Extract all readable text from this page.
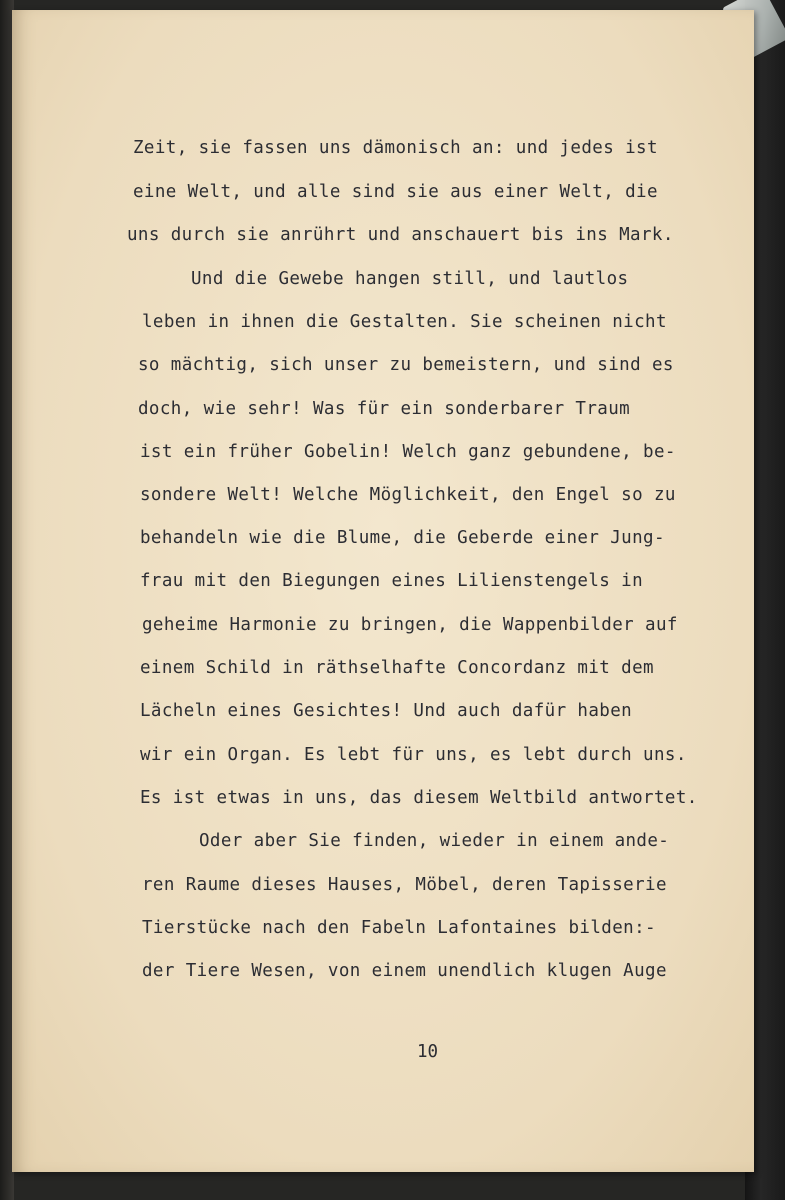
Zeit, sie fassen uns dämonisch an: und jedes ist
eine Welt, und alle sind sie aus einer Welt, die
uns durch sie anrührt und anschauert bis ins Mark.
Und die Gewebe hangen still, und lautlos
leben in ihnen die Gestalten. Sie scheinen nicht
so mächtig, sich unser zu bemeistern, und sind es
doch, wie sehr! Was für ein sonderbarer Traum
ist ein früher Gobelin! Welch ganz gebundene, be-
sondere Welt! Welche Möglichkeit, den Engel so zu
behandeln wie die Blume, die Geberde einer Jung-
frau mit den Biegungen eines Lilienstengels in
geheime Harmonie zu bringen, die Wappenbilder auf
einem Schild in räthselhafte Concordanz mit dem
Lächeln eines Gesichtes! Und auch dafür haben
wir ein Organ. Es lebt für uns, es lebt durch uns.
Es ist etwas in uns, das diesem Weltbild antwortet.
Oder aber Sie finden, wieder in einem ande-
ren Raume dieses Hauses, Möbel, deren Tapisserie
Tierstücke nach den Fabeln Lafontaines bilden:-
der Tiere Wesen, von einem unendlich klugen Auge
10
